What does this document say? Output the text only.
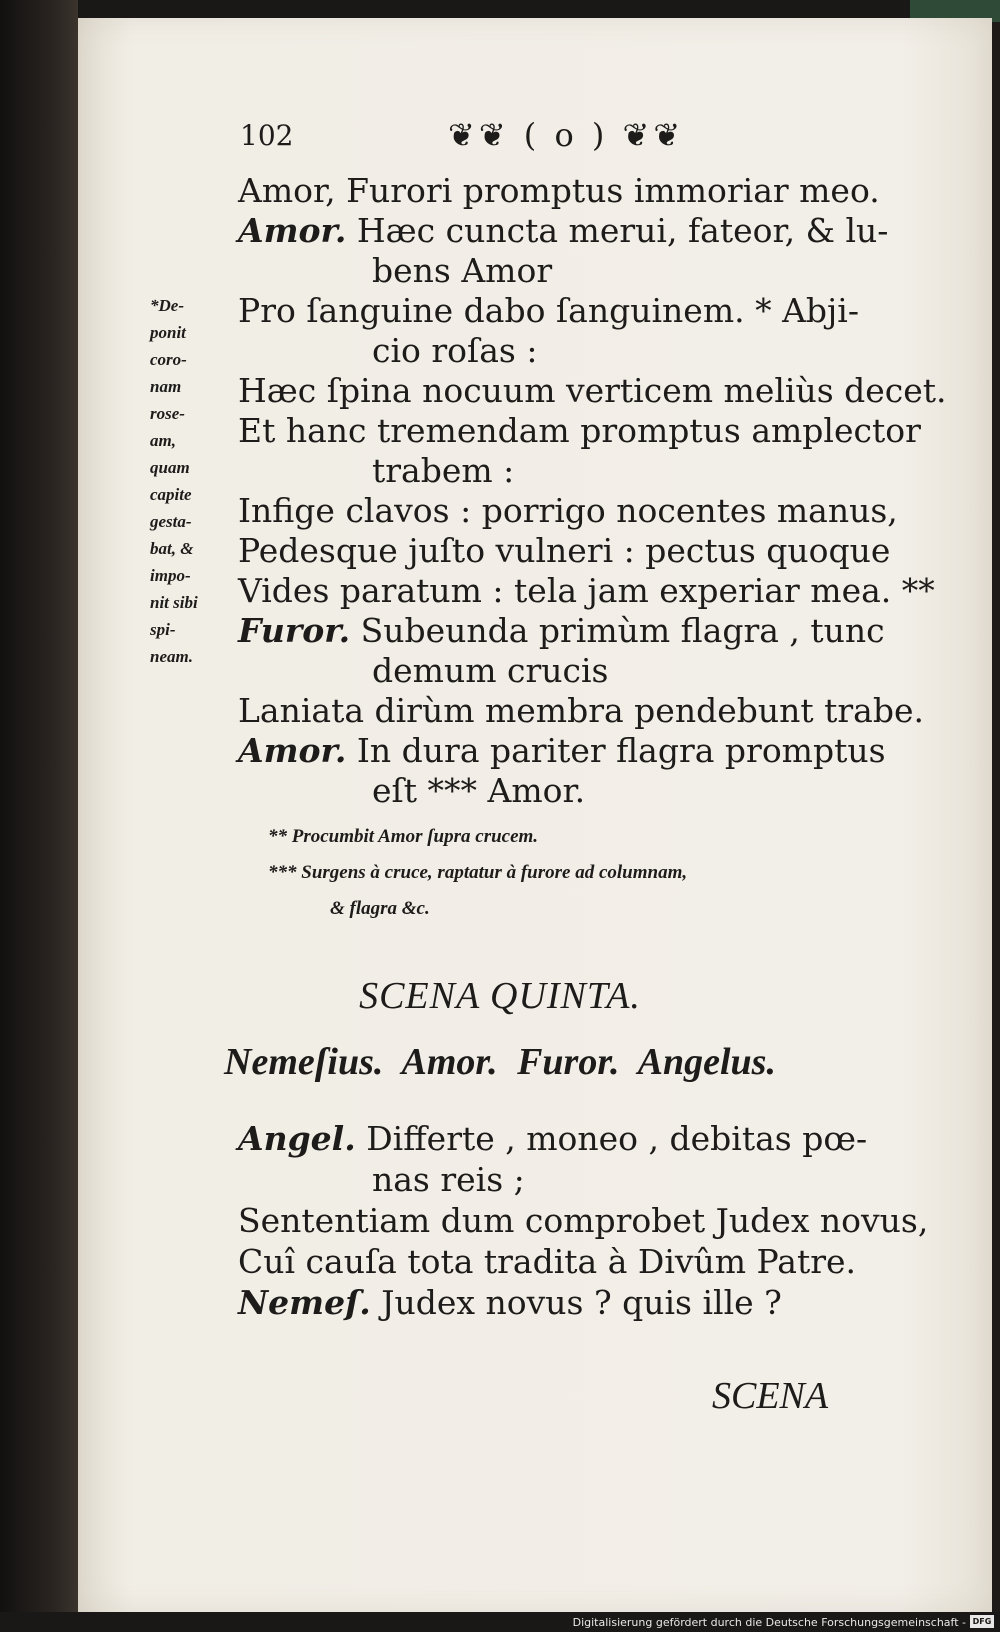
102	❦❦ ( o ) ❦❦
*De-
ponit
coro-
nam
rose-
am,
quam
capite
gesta-
bat, &
impo-
nit sibi
spi-
neam.
Amor, Furori promptus immoriar meo.
Amor. Hæc cuncta merui, fateor, & lu-
bens Amor
Pro ſanguine dabo ſanguinem. * Abji-
cio roſas :
Hæc ſpina nocuum verticem meliùs decet.
Et hanc tremendam promptus amplector
trabem :
Infige clavos : porrigo nocentes manus,
Pedesque juſto vulneri : pectus quoque
Vides paratum : tela jam experiar mea. **
Furor. Subeunda primùm flagra , tunc
demum crucis
Laniata dirùm membra pendebunt trabe.
Amor. In dura pariter flagra promptus
eſt *** Amor.
** Procumbit Amor ſupra crucem.
*** Surgens à cruce, raptatur à furore ad columnam,
& flagra &c.
SCENA QUINTA.
Nemeſius. Amor. Furor. Angelus.
Angel. Differte , moneo , debitas pœ-
nas reis ;
Sententiam dum comprobet Judex novus,
Cuî cauſa tota tradita à Divûm Patre.
Nemeſ. Judex novus ? quis ille ?
SCENA
Digitalisierung gefördert durch die Deutsche Forschungsgemeinschaft - DFG
